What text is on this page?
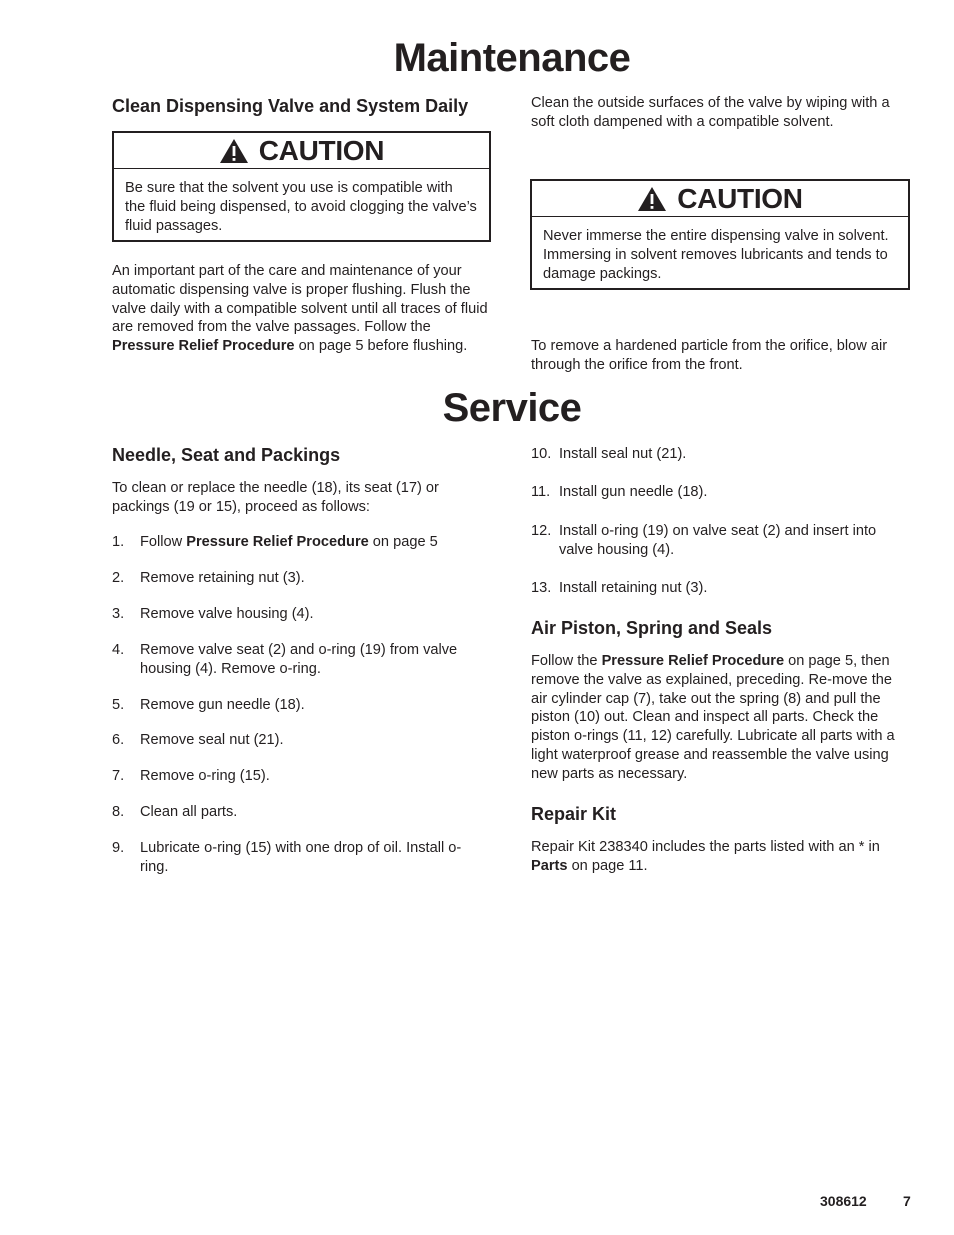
Maintenance
Clean Dispensing Valve and System Daily
CAUTION
Be sure that the solvent you use is compatible with the fluid being dispensed, to avoid clogging the valve’s fluid passages.
An important part of the care and maintenance of your automatic dispensing valve is proper flushing. Flush the valve daily with a compatible solvent until all traces of fluid are removed from the valve passages. Follow the Pressure Relief Procedure on page 5 before flushing.
Clean the outside surfaces of the valve by wiping with a soft cloth dampened with a compatible solvent.
CAUTION
Never immerse the entire dispensing valve in solvent. Immersing in solvent removes lubricants and tends to damage packings.
To remove a hardened particle from the orifice, blow air through the orifice from the front.
Service
Needle, Seat and Packings
To clean or replace the needle (18), its seat (17) or packings (19 or 15), proceed as follows:
1.	Follow Pressure Relief Procedure on page 5
2.	Remove retaining nut (3).
3.	Remove valve housing (4).
4.	Remove valve seat (2) and o-ring (19) from valve housing (4). Remove o-ring.
5.	Remove gun needle (18).
6.	Remove seal nut (21).
7.	Remove o-ring (15).
8.	Clean all parts.
9.	Lubricate o-ring (15) with one drop of oil. Install o-ring.
10. Install seal nut (21).
11. Install gun needle (18).
12. Install o-ring (19) on valve seat (2) and insert into valve housing (4).
13. Install retaining nut (3).
Air Piston, Spring and Seals
Follow the Pressure Relief Procedure on page 5, then remove the valve as explained, preceding. Re-move the air cylinder cap (7), take out the spring (8) and pull the piston (10) out. Clean and inspect all parts. Check the piston o-rings (11, 12) carefully. Lubricate all parts with a light waterproof grease and reassemble the valve using new parts as necessary.
Repair Kit
Repair Kit 238340 includes the parts listed with an * in Parts on page 11.
308612	7
